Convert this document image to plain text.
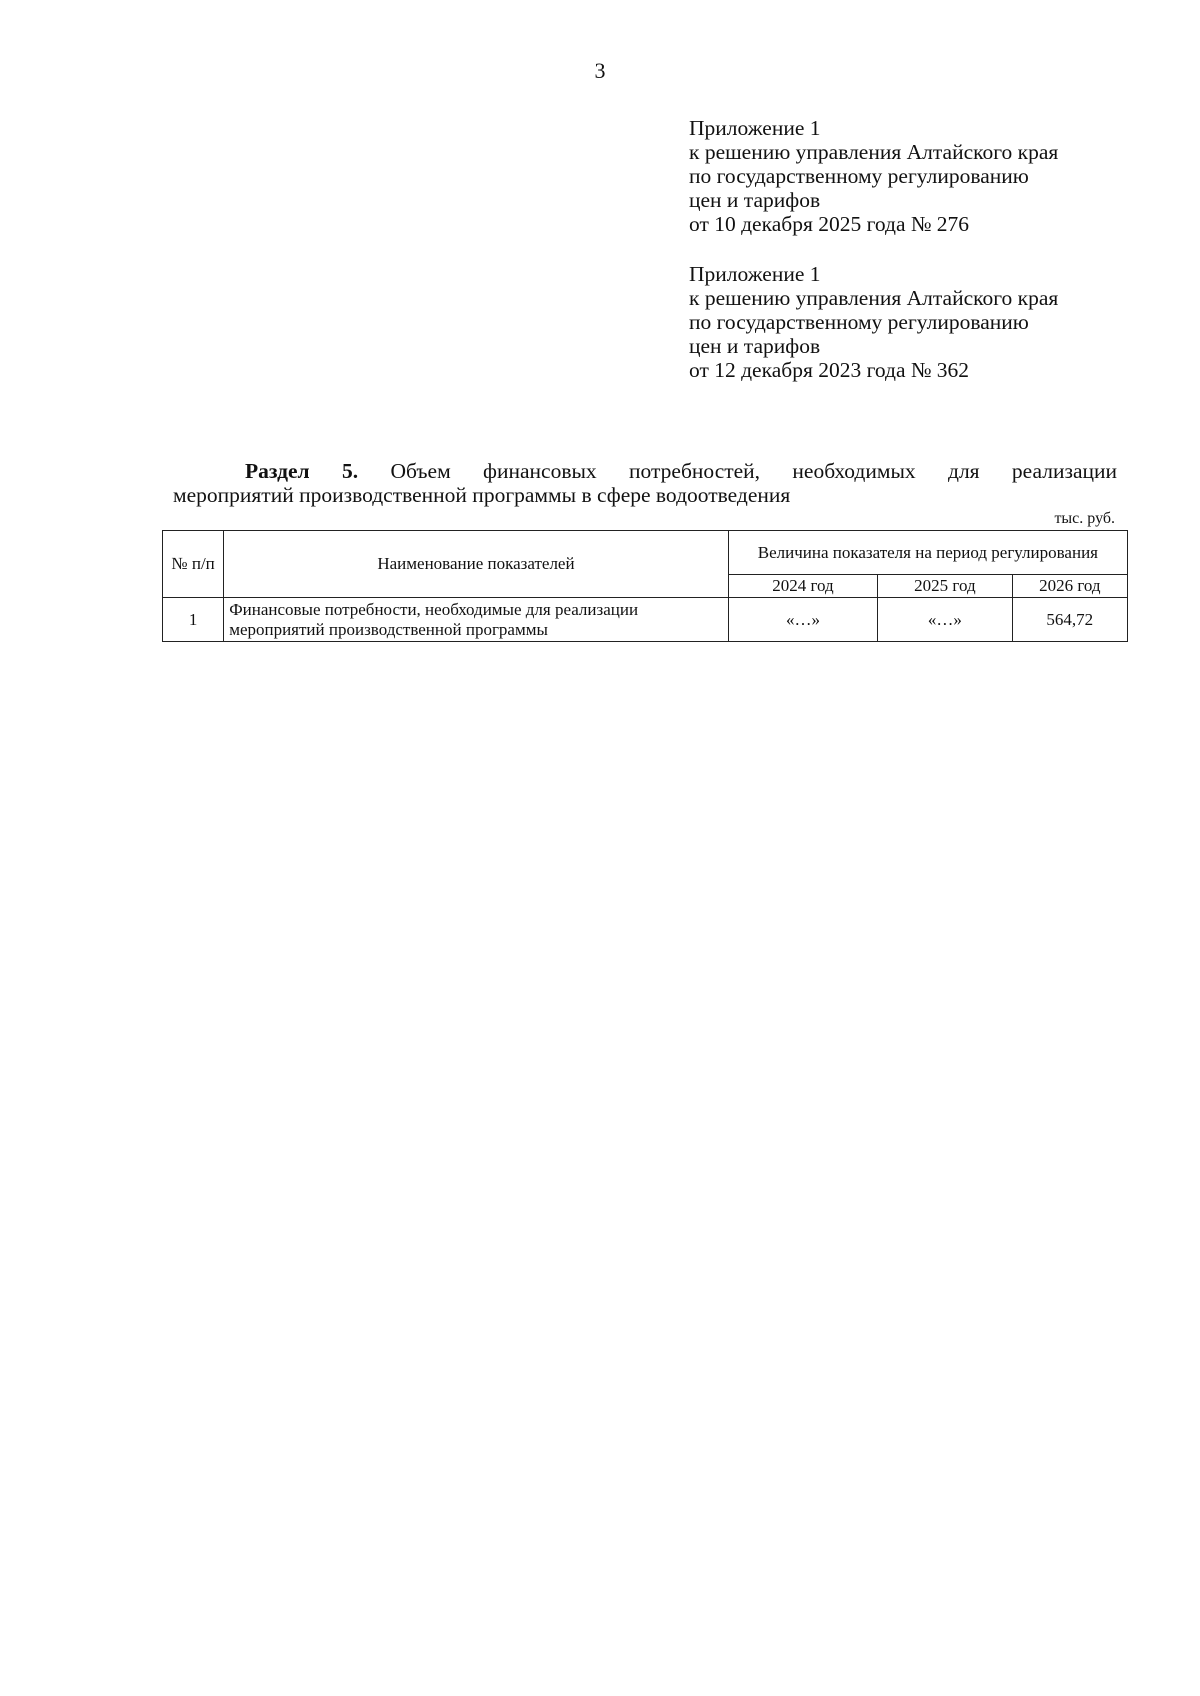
3
Приложение 1
к решению управления Алтайского края
по государственному регулированию
цен и тарифов
от 10 декабря 2025 года № 276
Приложение 1
к решению управления Алтайского края
по государственному регулированию
цен и тарифов
от 12 декабря 2023 года № 362
Раздел 5. Объем финансовых потребностей, необходимых для реализации
мероприятий производственной программы в сфере водоотведения
тыс. руб.
№ п/п	Наименование показателей	Величина показателя на период регулирования		
		2024 год	2025 год	2026 год
1	Финансовые потребности, необходимые для реализации мероприятий производственной программы	«…»	«…»	564,72
